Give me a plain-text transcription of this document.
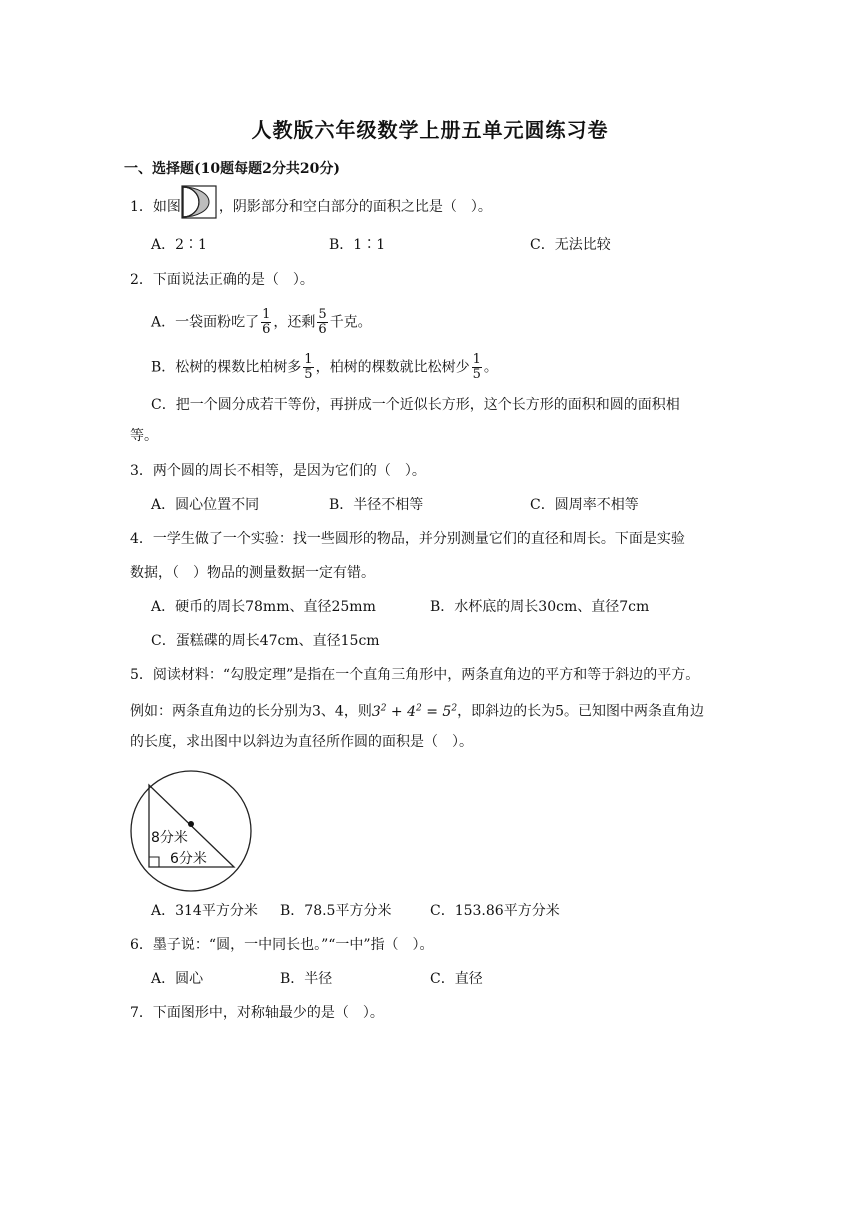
人教版六年级数学上册五单元圆练习卷
一、选择题(10题每题2分共20分)
1．如图	，阴影部分和空白部分的面积之比是（　）。
A．2∶1	B．1∶1	C．无法比较
2．下面说法正确的是（　）。
A．一袋面粉吃了 $\frac{1}{6}$ ，还剩 $\frac{5}{6}$ 千克。
B．松树的棵数比柏树多 $\frac{1}{5}$ ，柏树的棵数就比松树少 $\frac{1}{5}$ 。
C．把一个圆分成若干等份，再拼成一个近似长方形，这个长方形的面积和圆的面积相
等。
3．两个圆的周长不相等，是因为它们的（　）。
A．圆心位置不同	B．半径不相等	C．圆周率不相等
4．一学生做了一个实验：找一些圆形的物品，并分别测量它们的直径和周长。下面是实验
数据，（　）物品的测量数据一定有错。
A．硬币的周长78mm、直径25mm	B．水杯底的周长30cm、直径7cm
C．蛋糕碟的周长47cm、直径15cm
5．阅读材料：“勾股定理”是指在一个直角三角形中，两条直角边的平方和等于斜边的平方。
例如：两条直角边的长分别为3、4，则$3^2 + 4^2 = 5^2$，即斜边的长为5。已知图中两条直角边
的长度，求出图中以斜边为直径所作圆的面积是（　）。
8分米
6分米
A．314平方分米 B．78.5平方分米	C．153.86平方分米
6．墨子说：“圆，一中同长也。”“一中”指（　）。
A．圆心	B．半径	C．直径
7．下面图形中，对称轴最少的是（　）。
